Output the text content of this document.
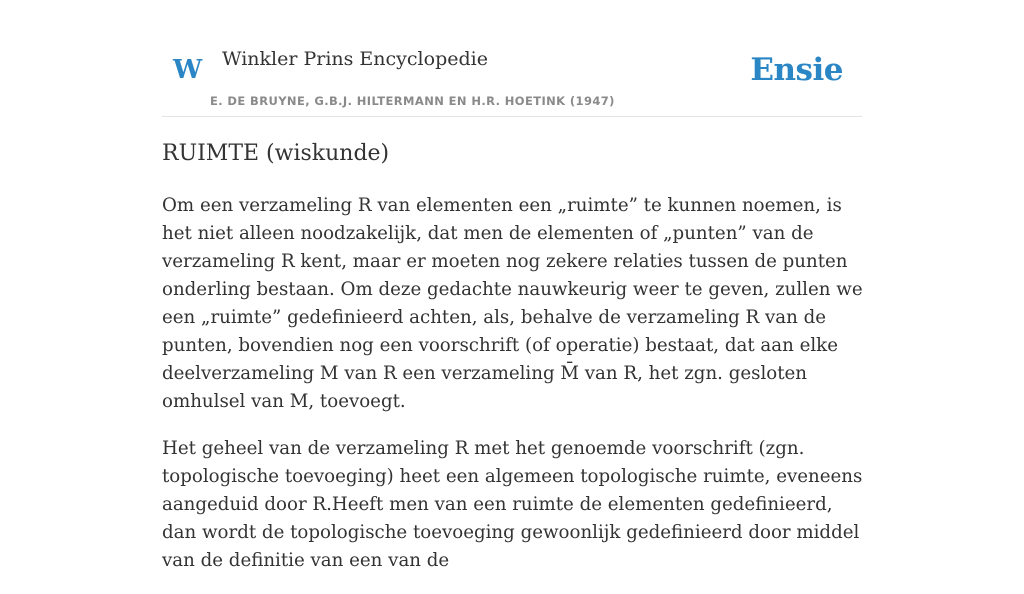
W Winkler Prins Encyclopedie
E. DE BRUYNE, G.B.J. HILTERMANN EN H.R. HOETINK (1947)
Ensie
RUIMTE (wiskunde)

Om een verzameling R van elementen een „ruimte” te kunnen noemen, is het niet alleen noodzakelijk, dat men de elementen of „punten” van de verzameling R kent, maar er moeten nog zekere relaties tussen de punten onderling bestaan. Om deze gedachte nauwkeurig weer te geven, zullen we een „ruimte” gedefinieerd achten, als, behalve de verzameling R van de punten, bovendien nog een voorschrift (of operatie) bestaat, dat aan elke deelverzameling M van R een verzameling M̄ van R, het zgn. gesloten omhulsel van M, toevoegt.

Het geheel van de verzameling R met het genoemde voorschrift (zgn. topologische toevoeging) heet een algemeen topologische ruimte, eveneens aangeduid door R.Heeft men van een ruimte de elementen gedefinieerd, dan wordt de topologische toevoeging gewoonlijk gedefinieerd door middel van de definitie van een van de
